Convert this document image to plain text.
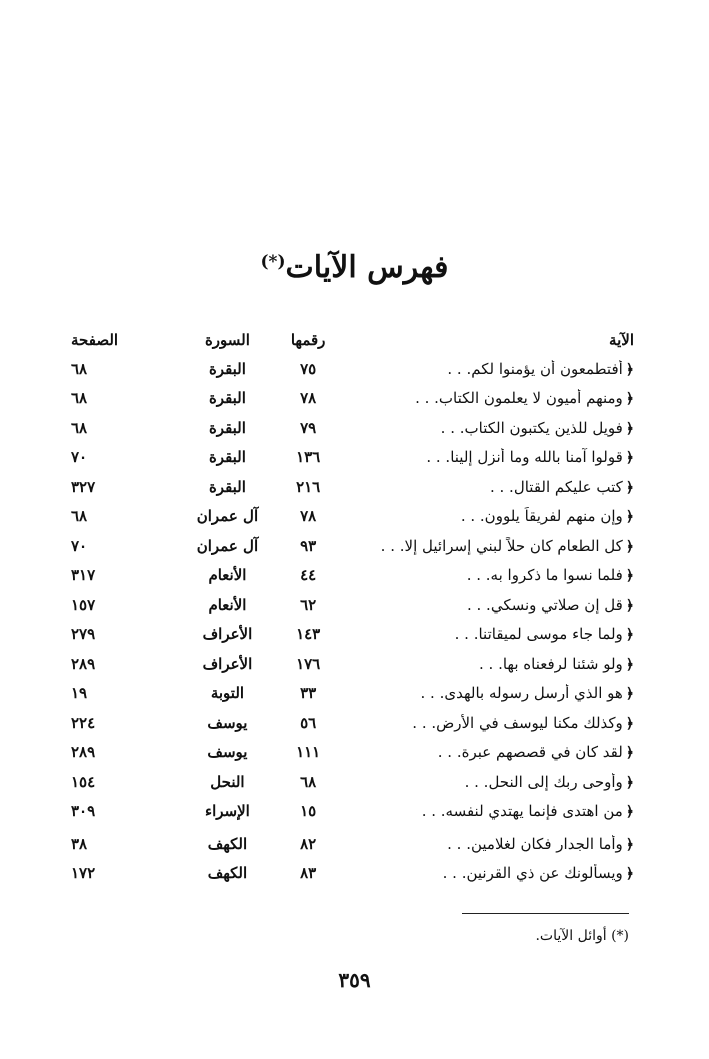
فهرس الآيات(*)
الآية
رقمها
السورة
الصفحة
﴿أفتطمعون أن يؤمنوا لكم. . .
٧٥
البقرة
٦٨
﴿ومنهم أميون لا يعلمون الكتاب. . .
٧٨
البقرة
٦٨
﴿فويل للذين يكتبون الكتاب. . .
٧٩
البقرة
٦٨
﴿قولوا آمنا بالله وما أنزل إلينا. . .
١٣٦
البقرة
٧٠
﴿كتب عليكم القتال. . .
٢١٦
البقرة
٣٢٧
﴿وإن منهم لفريقاً يلوون. . .
٧٨
آل عمران
٦٨
﴿كل الطعام كان حلاً لبني إسرائيل إلا. . .
٩٣
آل عمران
٧٠
﴿فلما نسوا ما ذكروا به. . .
٤٤
الأنعام
٣١٧
﴿قل إن صلاتي ونسكي. . .
٦٢
الأنعام
١٥٧
﴿ولما جاء موسى لميقاتنا. . .
١٤٣
الأعراف
٢٧٩
﴿ولو شئنا لرفعناه بها. . .
١٧٦
الأعراف
٢٨٩
﴿هو الذي أرسل رسوله بالهدى. . .
٣٣
التوبة
١٩
﴿وكذلك مكنا ليوسف في الأرض. . .
٥٦
يوسف
٢٢٤
﴿لقد كان في قصصهم عبرة. . .
١١١
يوسف
٢٨٩
﴿وأوحى ربك إلى النحل. . .
٦٨
النحل
١٥٤
﴿من اهتدى فإنما يهتدي لنفسه. . .
١٥
الإسراء
٣٠٩
﴿وأما الجدار فكان لغلامين. . .
٨٢
الكهف
٣٨
﴿ويسألونك عن ذي القرنين. . .
٨٣
الكهف
١٧٢
(*) أوائل الآيات.
٣٥٩
